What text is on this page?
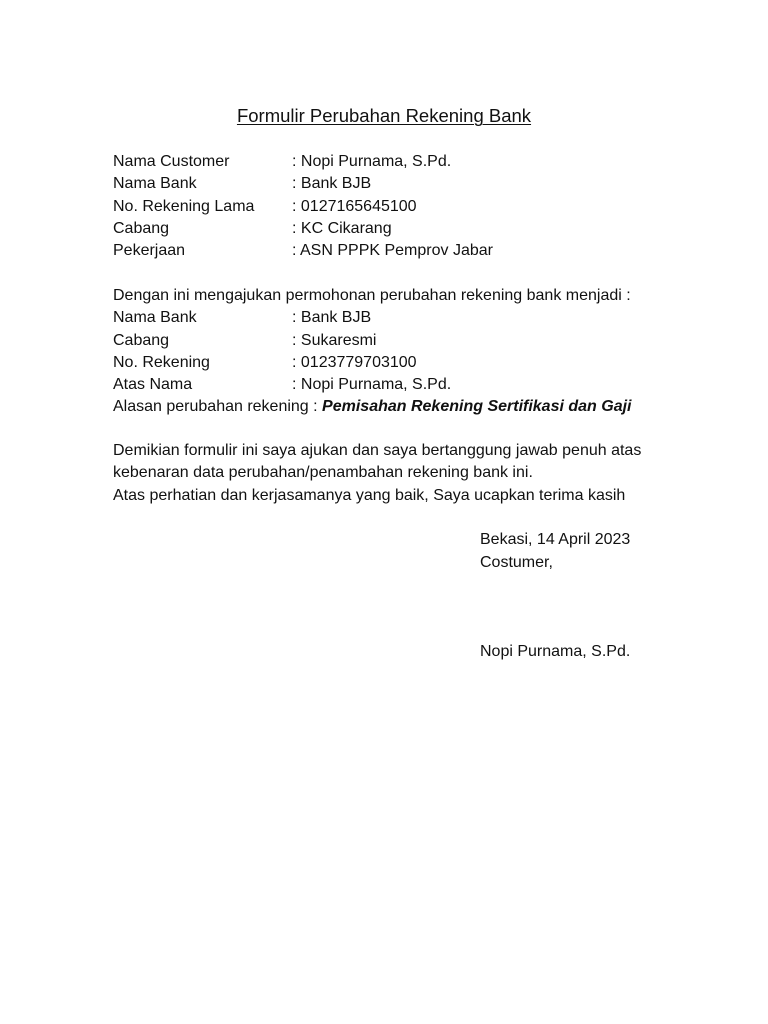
Formulir Perubahan Rekening Bank
Nama Customer	: Nopi Purnama, S.Pd.
Nama Bank	: Bank BJB
No. Rekening Lama	: 0127165645100
Cabang	: KC Cikarang
Pekerjaan	: ASN PPPK Pemprov Jabar
Dengan ini mengajukan permohonan perubahan rekening bank menjadi :
Nama Bank	: Bank BJB
Cabang	: Sukaresmi
No. Rekening	: 0123779703100
Atas Nama	: Nopi Purnama, S.Pd.
Alasan perubahan rekening : Pemisahan Rekening Sertifikasi dan Gaji
Demikian formulir ini saya ajukan dan saya bertanggung jawab penuh atas
kebenaran data perubahan/penambahan rekening bank ini.
Atas perhatian dan kerjasamanya yang baik, Saya ucapkan terima kasih
Bekasi, 14 April 2023
Costumer,
Nopi Purnama, S.Pd.
